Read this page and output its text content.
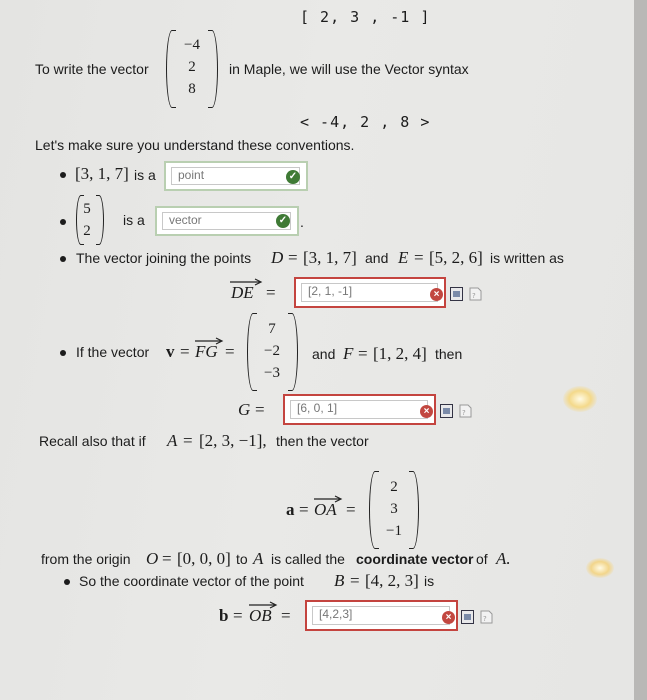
[ 2, 3 , -1 ]
To write the vector
−4
2
8
in Maple, we will use the Vector syntax
< -4, 2 , 8 >
Let's make sure you understand these conventions.
[3, 1, 7] is a	point	✓
5
2
is a	vector	✓ .
The vector joining the points D = [3, 1, 7] and E = [5, 2, 6] is written as
DE =	[2, 1, -1]	×	?
If the vector v = FG =
7
−2
−3
and F = [1, 2, 4] then
G =	[6, 0, 1]	×	?
Recall also that if A = [2, 3, −1], then the vector
a = OA =
2
3
−1
from the origin O = [0, 0, 0] to A is called the coordinate vector of A.
So the coordinate vector of the point B = [4, 2, 3] is
b = OB =	[4,2,3]	×	?
